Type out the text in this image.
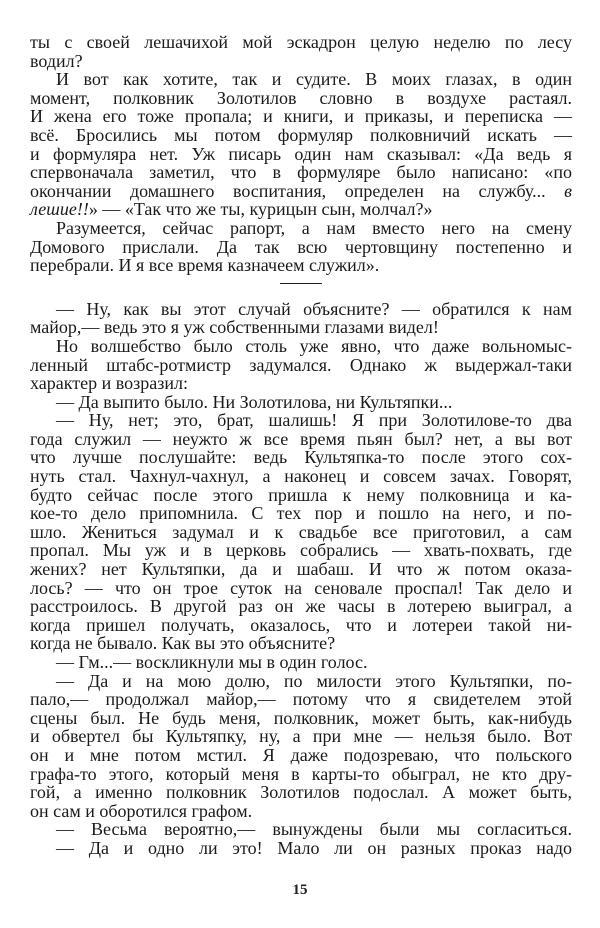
ты с своей лешачихой мой эскадрон целую неделю по лесу
водил?
И вот как хотите, так и судите. В моих глазах, в один
момент, полковник Золотилов словно в воздухе растаял.
И жена его тоже пропала; и книги, и приказы, и переписка —
всё. Бросились мы потом формуляр полковничий искать —
и формуляра нет. Уж писарь один нам сказывал: «Да ведь я
спервоначала заметил, что в формуляре было написано: «по
окончании домашнего воспитания, определен на службу... в
лешие!!» — «Так что же ты, курицын сын, молчал?»
Разумеется, сейчас рапорт, а нам вместо него на смену
Домового прислали. Да так всю чертовщину постепенно и
перебрали. И я все время казначеем служил».
— Ну, как вы этот случай объясните? — обратился к нам
майор,— ведь это я уж собственными глазами видел!
Но волшебство было столь уже явно, что даже вольномыс-
ленный штабс-ротмистр задумался. Однако ж выдержал-таки
характер и возразил:
— Да выпито было. Ни Золотилова, ни Культяпки...
— Ну, нет; это, брат, шалишь! Я при Золотилове-то два
года служил — неужто ж все время пьян был? нет, а вы вот
что лучше послушайте: ведь Культяпка-то после этого сох-
нуть стал. Чахнул-чахнул, а наконец и совсем зачах. Говорят,
будто сейчас после этого пришла к нему полковница и ка-
кое-то дело припомнила. С тех пор и пошло на него, и по-
шло. Жениться задумал и к свадьбе все приготовил, а сам
пропал. Мы уж и в церковь собрались — хвать-похвать, где
жених? нет Культяпки, да и шабаш. И что ж потом оказа-
лось? — что он трое суток на сеновале проспал! Так дело и
расстроилось. В другой раз он же часы в лотерею выиграл, а
когда пришел получать, оказалось, что и лотереи такой ни-
когда не бывало. Как вы это объясните?
— Гм...— воскликнули мы в один голос.
— Да и на мою долю, по милости этого Культяпки, по-
пало,— продолжал майор,— потому что я свидетелем этой
сцены был. Не будь меня, полковник, может быть, как-нибудь
и обвертел бы Культяпку, ну, а при мне — нельзя было. Вот
он и мне потом мстил. Я даже подозреваю, что польского
графа-то этого, который меня в карты-то обыграл, не кто дру-
гой, а именно полковник Золотилов подослал. А может быть,
он сам и оборотился графом.
— Весьма вероятно,— вынуждены были мы согласиться.
— Да и одно ли это! Мало ли он разных проказ надо
15
